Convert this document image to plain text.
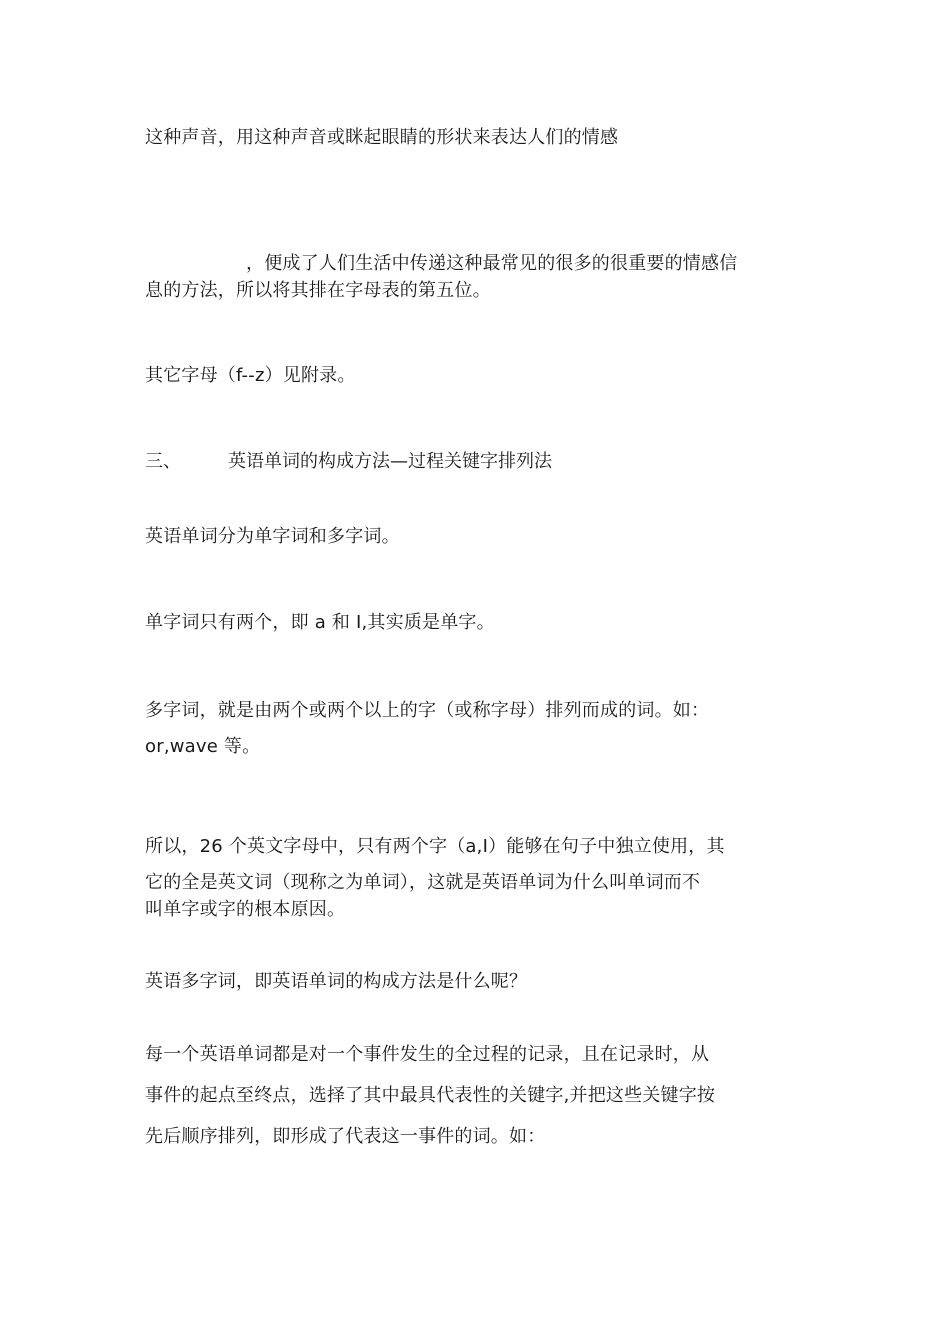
这种声音，用这种声音或眯起眼睛的形状来表达人们的情感
，便成了人们生活中传递这种最常见的很多的很重要的情感信
息的方法，所以将其排在字母表的第五位。
其它字母（f--z）见附录。
三、	英语单词的构成方法—过程关键字排列法
英语单词分为单字词和多字词。
单字词只有两个，即 a 和 I,其实质是单字。
多字词，就是由两个或两个以上的字（或称字母）排列而成的词。如：
or,wave 等。
所以，26 个英文字母中，只有两个字（a,I）能够在句子中独立使用，其
它的全是英文词（现称之为单词），这就是英语单词为什么叫单词而不
叫单字或字的根本原因。
英语多字词，即英语单词的构成方法是什么呢？
每一个英语单词都是对一个事件发生的全过程的记录，且在记录时，从
事件的起点至终点，选择了其中最具代表性的关键字,并把这些关键字按
先后顺序排列，即形成了代表这一事件的词。如：
